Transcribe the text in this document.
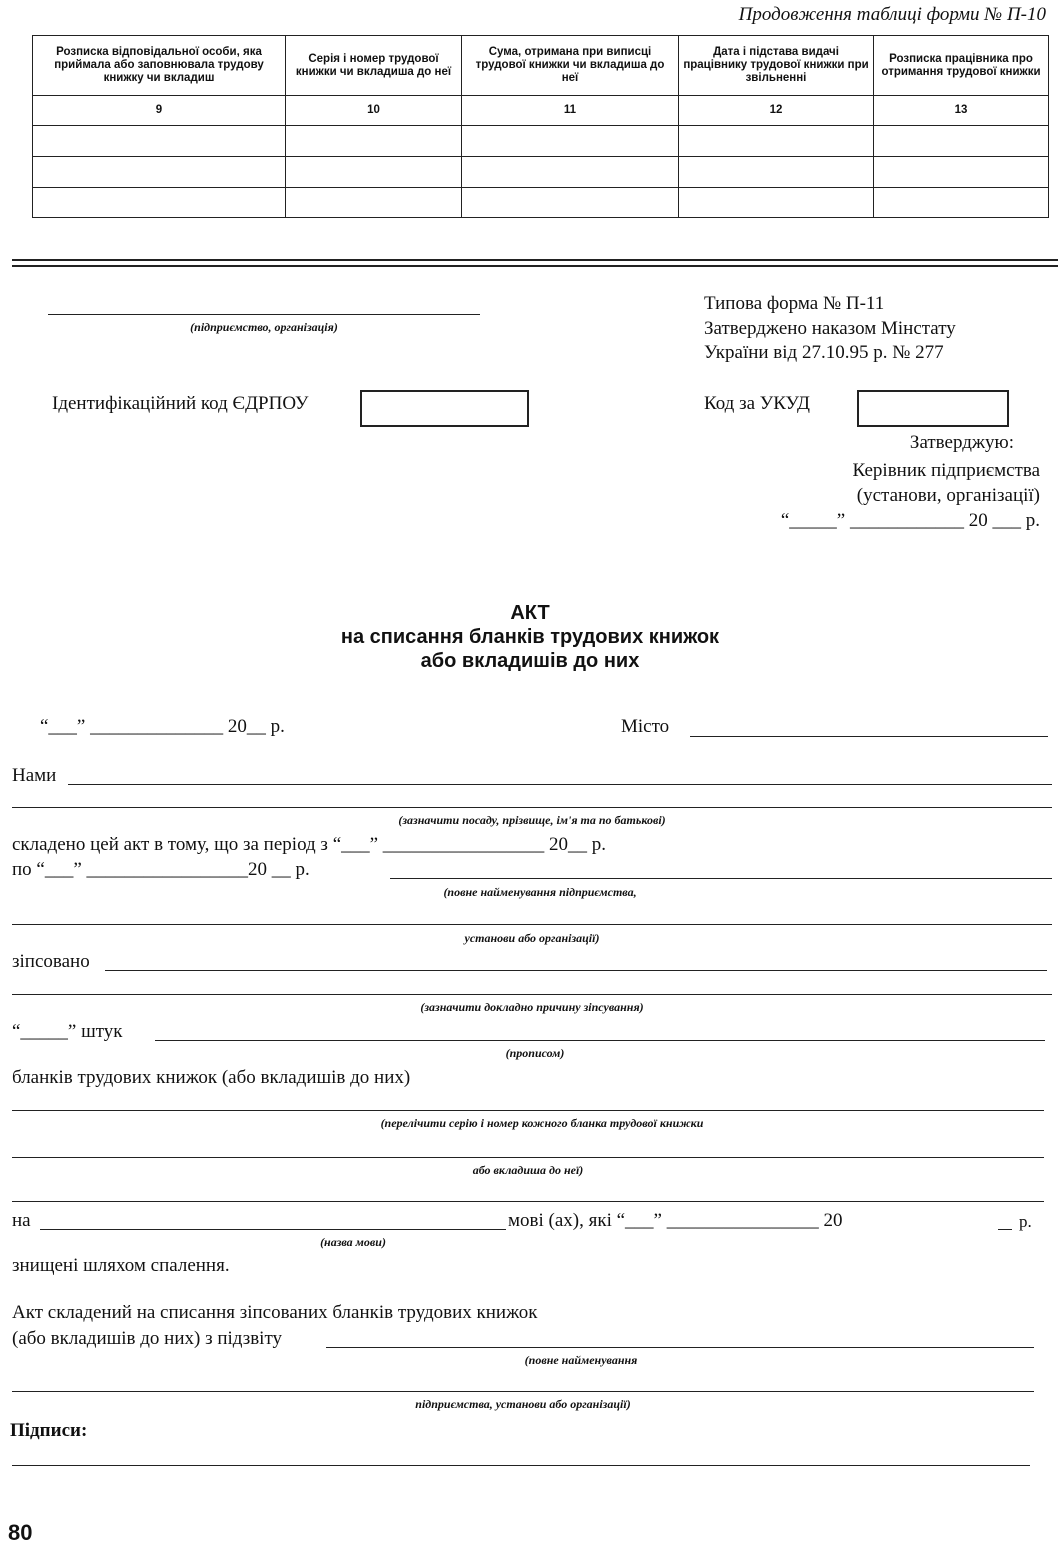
Продовження таблиці форми № П-10
Розписка відповідальної особи, яка приймала або заповнювала трудову книжку чи вкладиш	Серія і номер трудової книжки чи вкладиша до неї	Сума, отримана при виписці трудової книжки чи вкладиша до неї	Дата і підстава видачі працівнику трудової книжки при звільненні	Розписка працівника про отримання трудової книжки
9	10	11	12	13

(підприємство, організація)
Типова форма № П-11
Затверджено наказом Мінстату
України від 27.10.95 р. № 277
Ідентифікаційний код ЄДРПОУ	Код за УКУД
Затверджую:
Керівник підприємства
(установи, організації)
“_____” ____________ 20 ___ р.
АКТ
на списання бланків трудових книжок
або вкладишів до них
“___” ______________ 20__ р.	Місто
Нами
(зазначити посаду, прізвище, ім'я та по батькові)
складено цей акт в тому, що за період з “___” _________________ 20__ р.
по “___” _________________20 __ р.
(повне найменування підприємства,
установи або організації)
зіпсовано
(зазначити докладно причину зіпсування)
“_____” штук
(прописом)
бланків трудових книжок (або вкладишів до них)
(перелічити серію і номер кожного бланка трудової книжки
або вкладиша до неї)
на	мові (ах), які “___” ________________ 20	р.
(назва мови)
знищені шляхом спалення.
Акт складений на списання зіпсованих бланків трудових книжок
(або вкладишів до них) з підзвіту
(повне найменування
підприємства, установи або організації)
Підписи:
80
